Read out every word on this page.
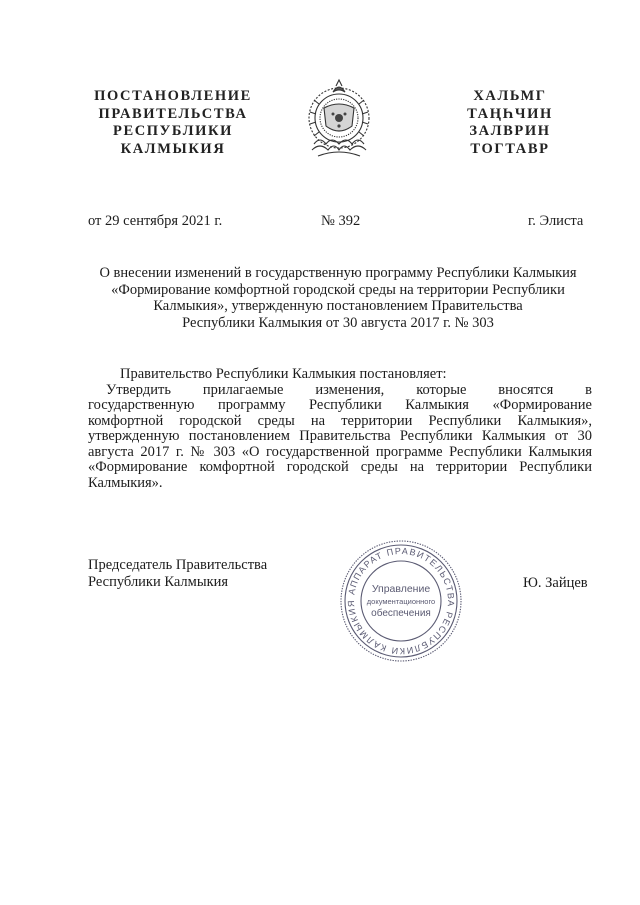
ПОСТАНОВЛЕНИЕ
ПРАВИТЕЛЬСТВА
РЕСПУБЛИКИ
КАЛМЫКИЯ
ХАЛЬМГ
ТАҢҺЧИН
ЗАЛВРИН
ТОГТАВР
от 29 сентября 2021 г.	№ 392	г. Элиста
О внесении изменений в государственную программу Республики Калмыкия
«Формирование комфортной городской среды на территории Республики
Калмыкия», утвержденную постановлением Правительства
Республики Калмыкия от 30 августа 2017 г. № 303
Правительство Республики Калмыкия постановляет:
Утвердить прилагаемые изменения, которые вносятся в
государственную программу Республики Калмыкия «Формирование
комфортной городской среды на территории Республики Калмыкия»,
утвержденную постановлением Правительства Республики Калмыкия от 30
августа 2017 г. № 303 «О государственной программе Республики Калмыкия
«Формирование комфортной городской среды на территории Республики
Калмыкия».
Председатель Правительства
Республики Калмыкия	Ю. Зайцев
АППАРАТ ПРАВИТЕЛЬСТВА РЕСПУБЛИКИ КАЛМЫКИЯ
Управление
документационного
обеспечения
